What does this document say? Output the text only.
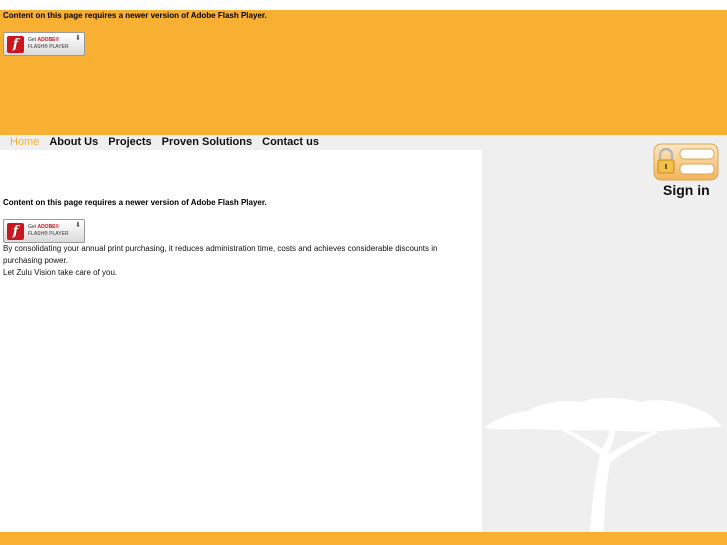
Content on this page requires a newer version of Adobe Flash Player.
f	Get ADOBE®
FLASH® PLAYER
⬇
Home About Us Projects Proven Solutions Contact us
Sign in
Content on this page requires a newer version of Adobe Flash Player.
f	Get ADOBE®
FLASH® PLAYER
⬇
By consolidating your annual print purchasing, it reduces administration time, costs and achieves considerable discounts in purchasing power.
Let Zulu Vision take care of you.
